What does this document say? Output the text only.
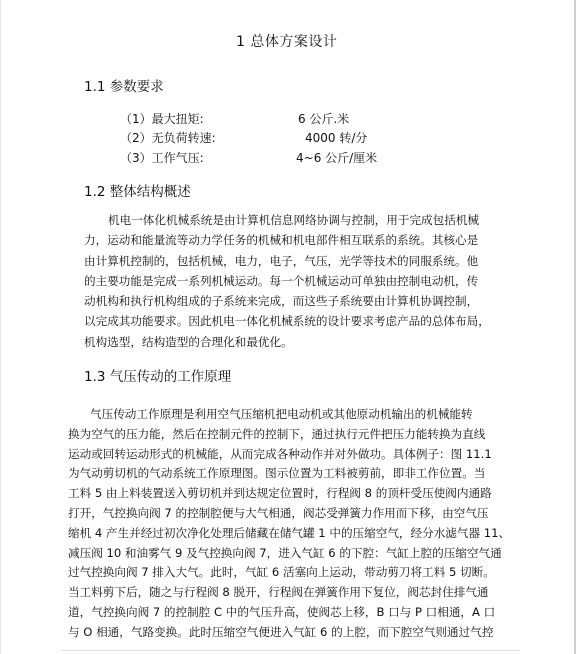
1 总体方案设计
1.1 参数要求
（1）最大扭矩:	6 公斤.米
（2）无负荷转速:	4000 转/分
（3）工作气压:	4~6 公斤/厘米
1.2 整体结构概述
机电一体化机械系统是由计算机信息网络协调与控制，用于完成包括机械
力，运动和能量流等动力学任务的机械和机电部件相互联系的系统。其核心是
由计算机控制的，包括机械，电力，电子，气压，光学等技术的同服系统。他
的主要功能是完成一系列机械运动。每一个机械运动可单独由控制电动机，传
动机构和执行机构组成的子系统来完成，而这些子系统要由计算机协调控制，
以完成其功能要求。因此机电一体化机械系统的设计要求考虑产品的总体布局，
机构选型，结构造型的合理化和最优化。
1.3 气压传动的工作原理
气压传动工作原理是利用空气压缩机把电动机或其他原动机输出的机械能转
换为空气的压力能，然后在控制元件的控制下，通过执行元件把压力能转换为直线
运动或回转运动形式的机械能，从而完成各种动作并对外做功。具体例子：图 11.1
为气动剪切机的气动系统工作原理图。图示位置为工料被剪前，即非工作位置。当
工料 5 由上料装置送入剪切机并到达规定位置时，行程阀 8 的顶杆受压使阀内通路
打开，气控换向阀 7 的控制腔便与大气相通，阀芯受弹簧力作用而下移，由空气压
缩机 4 产生并经过初次净化处理后储藏在储气罐 1 中的压缩空气，经分水滤气器 11、
减压阀 10 和油雾气 9 及气控换向阀 7，进入气缸 6 的下腔：气缸上腔的压缩空气通
过气控换向阀 7 排入大气。此时，气缸 6 活塞向上运动，带动剪刀将工料 5 切断。
当工料剪下后，随之与行程阀 8 脱开，行程阀在弹簧作用下复位，阀芯封住排气通
道，气控换向阀 7 的控制腔 C 中的气压升高，使阀芯上移，B 口与 P 口相通，A 口
与 O 相通，气路变换。此时压缩空气便进入气缸 6 的上腔，而下腔空气则通过气控
